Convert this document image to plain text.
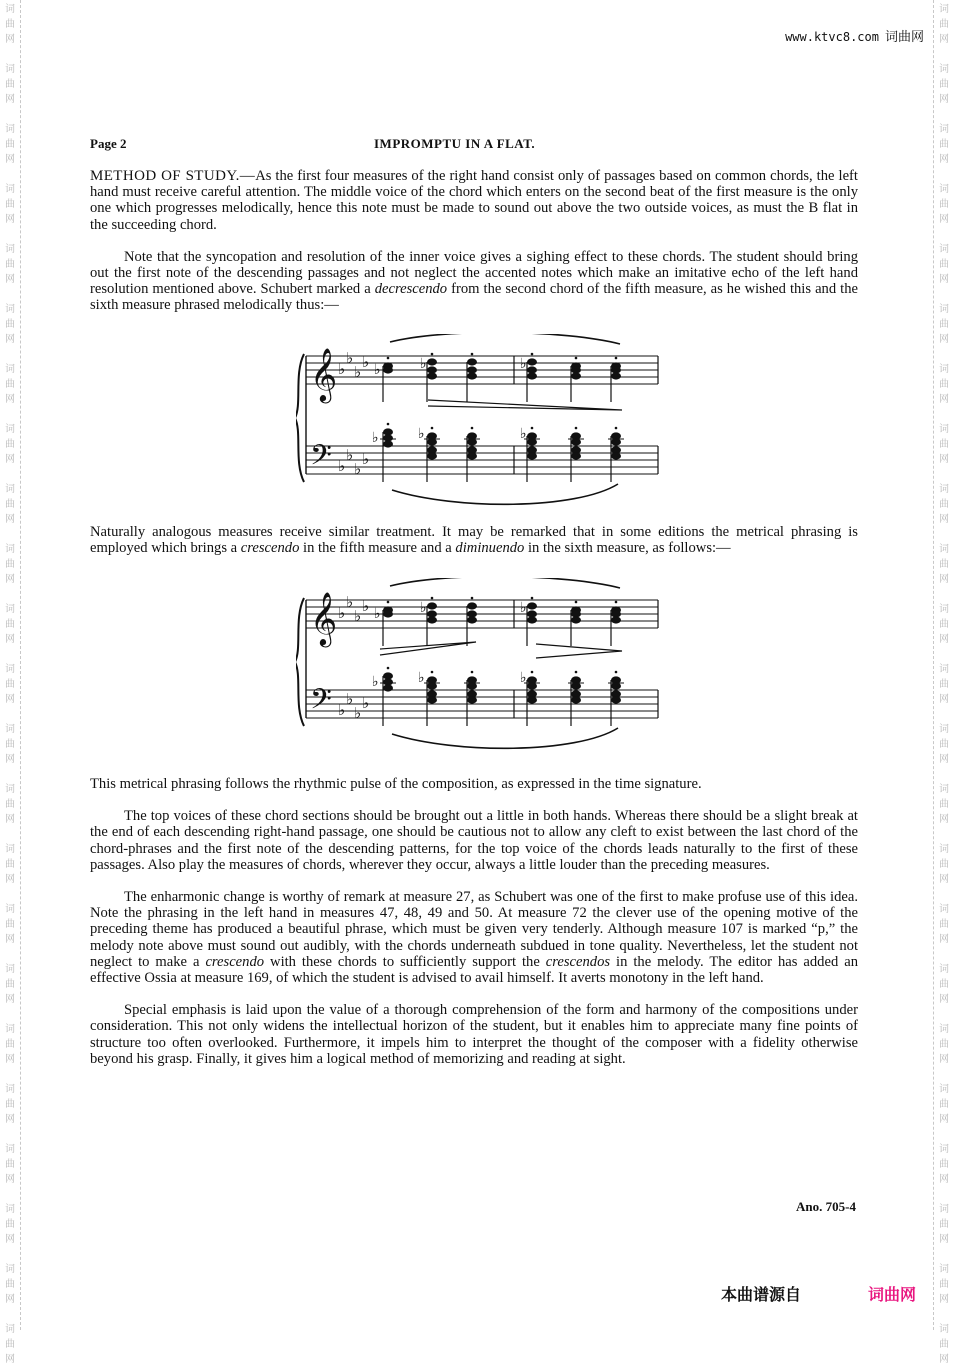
词
曲
网
词
曲
网
词
曲
网
词
曲
网
词
曲
网
词
曲
网
词
曲
网
词
曲
网
词
曲
网
词
曲
网
词
曲
网
词
曲
网
词
曲
网
词
曲
网
词
曲
网
词
曲
网
词
曲
网
词
曲
网
词
曲
网
词
曲
网
词
曲
网
词
曲
网
词
曲
网
词
曲
网
词
曲
网
词
曲
网
词
曲
网
词
曲
网
词
曲
网
词
曲
网
词
曲
网
词
曲
网
词
曲
网
词
曲
网
词
曲
网
词
曲
网
词
曲
网
词
曲
网
词
曲
网
词
曲
网
词
曲
网
词
曲
网
词
曲
网
词
曲
网
词
曲
网
词
曲
网
www.ktvc8.com 词曲网
Page 2	IMPROMPTU IN A FLAT.

METHOD OF STUDY.—As the first four measures of the right hand consist only of passages based on common chords, the left hand must receive careful attention. The middle voice of the chord which enters on the second beat of the first measure is the only one which progresses melodically, hence this note must be made to sound out above the two outside voices, as must the B flat in the succeeding chord.

Note that the syncopation and resolution of the inner voice gives a sighing effect to these chords. The student should bring out the first note of the descending passages and not neglect the accented notes which make an imitative echo of the left hand resolution mentioned above. Schubert marked a decrescendo from the second chord of the fifth measure, as he wished this and the sixth measure phrased melodically thus:—

𝄞
𝄢
♭
♭
♭
♭
♭
♭
♭
♭
♭	♭	♭
♭	♭	♭

Naturally analogous measures receive similar treatment. It may be remarked that in some editions the metrical phrasing is employed which brings a crescendo in the fifth measure and a diminuendo in the sixth measure, as follows:—

𝄞
𝄢
♭
♭
♭
♭
♭
♭
♭
♭
♭	♭	♭
♭	♭	♭

This metrical phrasing follows the rhythmic pulse of the composition, as expressed in the time signature.

The top voices of these chord sections should be brought out a little in both hands. Whereas there should be a slight break at the end of each descending right-hand passage, one should be cautious not to allow any cleft to exist between the last chord of the chord-phrases and the first note of the descending patterns, for the top voice of the chords leads naturally to the first of these passages. Also play the measures of chords, wherever they occur, always a little louder than the preceding measures.

The enharmonic change is worthy of remark at measure 27, as Schubert was one of the first to make profuse use of this idea. Note the phrasing in the left hand in measures 47, 48, 49 and 50. At measure 72 the clever use of the opening motive of the preceding theme has produced a beautiful phrase, which must be given very tenderly. Although measure 107 is marked “p,” the melody note above must sound out audibly, with the chords underneath subdued in tone quality. Nevertheless, let the student not neglect to make a crescendo with these chords to sufficiently support the crescendos in the melody. The editor has added an effective Ossia at measure 169, of which the student is advised to avail himself. It averts monotony in the left hand.

Special emphasis is laid upon the value of a thorough comprehension of the form and harmony of the compositions under consideration. This not only widens the intellectual horizon of the student, but it enables him to appreciate many fine points of structure too often overlooked. Furthermore, it impels him to interpret the thought of the composer with a fidelity otherwise beyond his grasp. Finally, it gives him a logical method of memorizing and reading at sight.

Ano. 705-4
本曲谱源自	词曲网
